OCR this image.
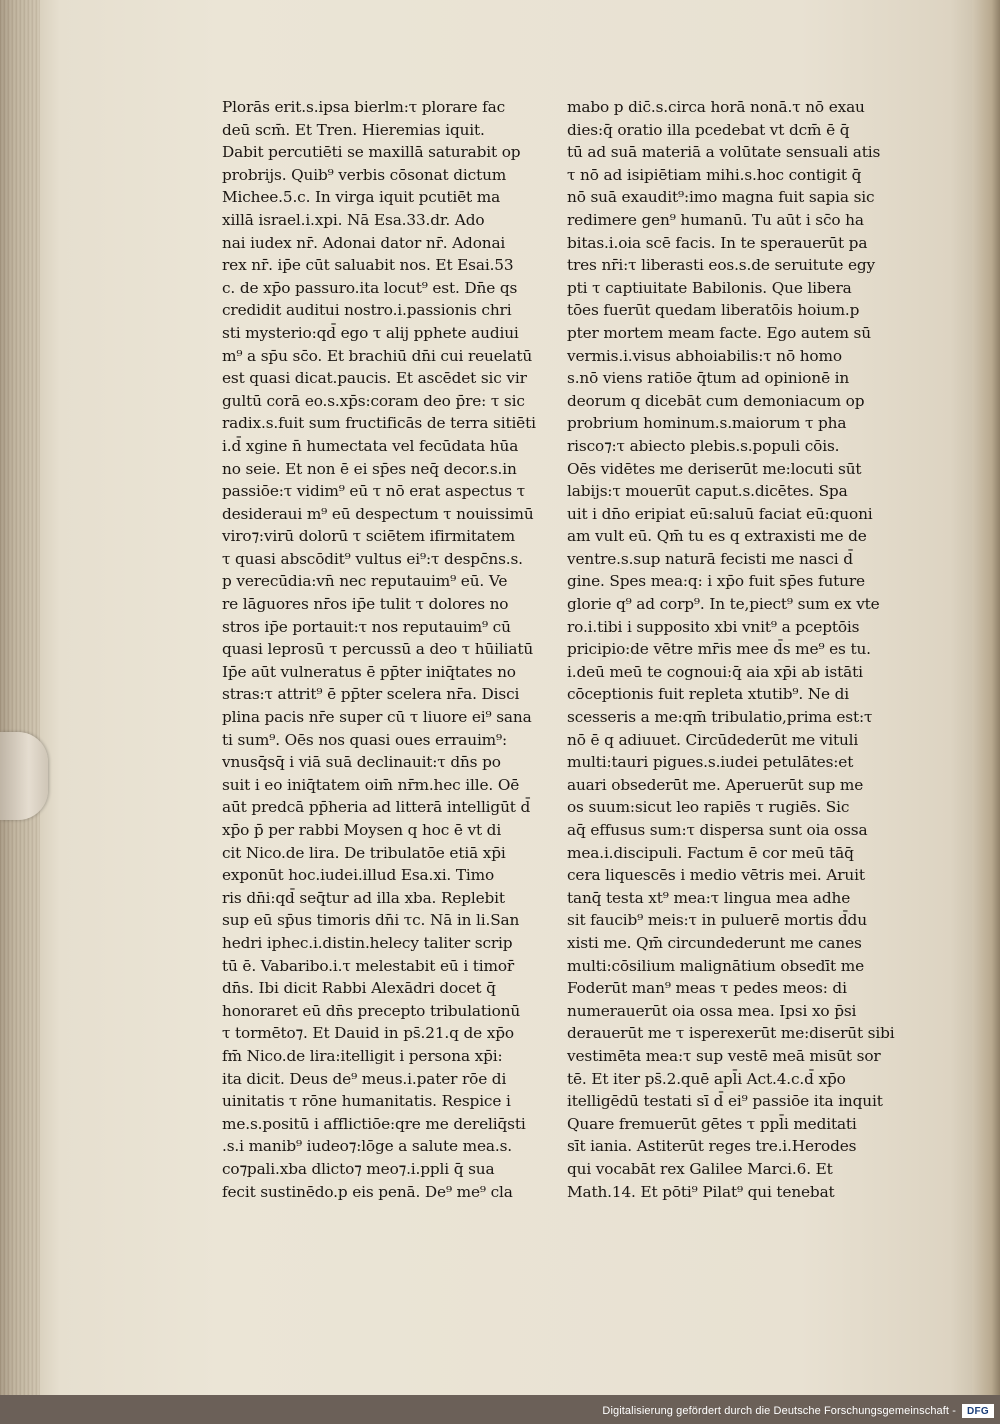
Plorās erit.s.ipsa bierlm:τ plorare fac
deū scm̄. Et Tren. Hieremias iquit.
Dabit percutiēti se maxillā saturabit op
probrijs. Quib⁹ verbis cōsonat dictum
Michee.5.c. In virga iquit pcutiēt ma
xillā israel.i.xpi. Nā Esa.33.dr. Ado
nai iudex nr̄. Adonai dator nr̄. Adonai
rex nr̄. ip̄e cūt saluabit nos. Et Esai.53
c. de xp̄o passuro.ita locut⁹ est. Dn̄e qs
credidit auditui nostro.i.passionis chri
sti mysterio:qd̄ ego τ alij pphete audiui
m⁹ a sp̄u sc̄o. Et brachiū dn̄i cui reuelatū
est quasi dicat.paucis. Et ascēdet sic vir
gultū corā eo.s.xp̄s:coram deo p̄re: τ sic
radix.s.fuit sum fructificās de terra sitiēti
i.d̄ xgine n̄ humectata vel fecūdata hūa
no seie. Et non ē ei sp̄es neq̄ decor.s.in
passiōe:τ vidim⁹ eū τ nō erat aspectus τ
desideraui m⁹ eū despectum τ nouissimū
viro⁊:virū dolorū τ sciētem ifirmitatem
τ quasi abscōdit⁹ vultus ei⁹:τ despc̄ns.s.
p verecūdia:vn̄ nec reputauim⁹ eū. Ve
re lāguores nr̄os ip̄e tulit τ dolores no
stros ip̄e portauit:τ nos reputauim⁹ cū
quasi leprosū τ percussū a deo τ hūiliatū
Ip̄e aūt vulneratus ē pp̄ter iniq̄tates no
stras:τ attrit⁹ ē pp̄ter scelera nr̄a. Disci
plina pacis nr̄e super cū τ liuore ei⁹ sana
ti sum⁹. Oēs nos quasi oues errauim⁹:
vnusq̄sq̄ i viā suā declinauit:τ dn̄s po
suit i eo iniq̄tatem oim̄ nr̄m.hec ille. Oē
aūt predcā pp̄heria ad litterā intelligūt d̄
xp̄o p̄ per rabbi Moysen q hoc ē vt di
cit Nico.de lira. De tribulatōe etiā xp̄i
exponūt hoc.iudei.illud Esa.xi. Timo
ris dn̄i:qd̄ seq̄tur ad illa xba. Replebit
sup eū sp̄us timoris dn̄i τc. Nā in li.San
hedri iphec.i.distin.helecy taliter scrip
tū ē. Vabaribo.i.τ melestabit eū i timor̄
dn̄s. Ibi dicit Rabbi Alexādri docet q̄
honoraret eū dn̄s precepto tribulationū
τ tormēto⁊. Et Dauid in ps̄.21.q de xp̄o
fm̄ Nico.de lira:itelligit i persona xp̄i:
ita dicit. Deus de⁹ meus.i.pater rōe di
uinitatis τ rōne humanitatis. Respice i
me.s.positū i afflictiōe:qre me dereliq̄sti
.s.i manib⁹ iudeo⁊:lōge a salute mea.s.
co⁊pali.xba dlicto⁊ meo⁊.i.ppli q̄ sua
fecit sustinēdo.p eis penā. De⁹ me⁹ cla
mabo p dic̄.s.circa horā nonā.τ nō exau
dies:q̄ oratio illa pcedebat vt dcm̄ ē q̄
tū ad suā materiā a volūtate sensuali atis
τ nō ad isipiētiam mihi.s.hoc contigit q̄
nō suā exaudit⁹:imo magna fuit sapia sic
redimere gen⁹ humanū. Tu aūt i sc̄o ha
bitas.i.oia scē facis. In te sperauerūt pa
tres nr̄i:τ liberasti eos.s.de seruitute egy
pti τ captiuitate Babilonis. Que libera
tōes fuerūt quedam liberatōis hoium.p
pter mortem meam facte. Ego autem sū
vermis.i.visus abhoiabilis:τ nō homo
s.nō viens ratiōe q̄tum ad opinionē in
deorum q dicebāt cum demoniacum op
probrium hominum.s.maiorum τ pha
risco⁊:τ abiecto plebis.s.populi cōis.
Oēs vidētes me deriserūt me:locuti sūt
labijs:τ mouerūt caput.s.dicētes. Spa
uit i dn̄o eripiat eū:saluū faciat eū:quoni
am vult eū. Qm̄ tu es q extraxisti me de
ventre.s.sup naturā fecisti me nasci d̄
gine. Spes mea:q: i xp̄o fuit sp̄es future
glorie q⁹ ad corp⁹. In te,piect⁹ sum ex vte
ro.i.tibi i supposito xbi vnit⁹ a pceptōis
pricipio:de vētre mr̄is mee d̄s me⁹ es tu.
i.deū meū te cognoui:q̄ aia xp̄i ab istāti
cōceptionis fuit repleta xtutib⁹. Ne di
scesseris a me:qm̄ tribulatio,prima est:τ
nō ē q adiuuet. Circūdederūt me vituli
multi:tauri pigues.s.iudei petulātes:et
auari obsederūt me. Aperuerūt sup me
os suum:sicut leo rapiēs τ rugiēs. Sic
aq̄ effusus sum:τ dispersa sunt oia ossa
mea.i.discipuli. Factum ē cor meū tāq̄
cera liquescēs i medio vētris mei. Aruit
tanq̄ testa xt⁹ mea:τ lingua mea adhe
sit faucib⁹ meis:τ in puluerē mortis d̄du
xisti me. Qm̄ circundederunt me canes
multi:cōsilium malignātium obsedīt me
Foderūt man⁹ meas τ pedes meos: di
numerauerūt oia ossa mea. Ipsi xo p̄si
derauerūt me τ isperexerūt me:diserūt sibi
vestimēta mea:τ sup vestē meā misūt sor
tē. Et iter ps̄.2.quē apl̄i Act.4.c.d̄ xp̄o
itelligēdū testati sī d̄ ei⁹ passiōe ita inquit
Quare fremuerūt gētes τ ppl̄i meditati
sīt iania. Astiterūt reges tre.i.Herodes
qui vocabāt rex Galilee Marci.6. Et
Math.14. Et pōti⁹ Pilat⁹ qui tenebat
Digitalisierung gefördert durch die Deutsche Forschungsgemeinschaft -	DFG
